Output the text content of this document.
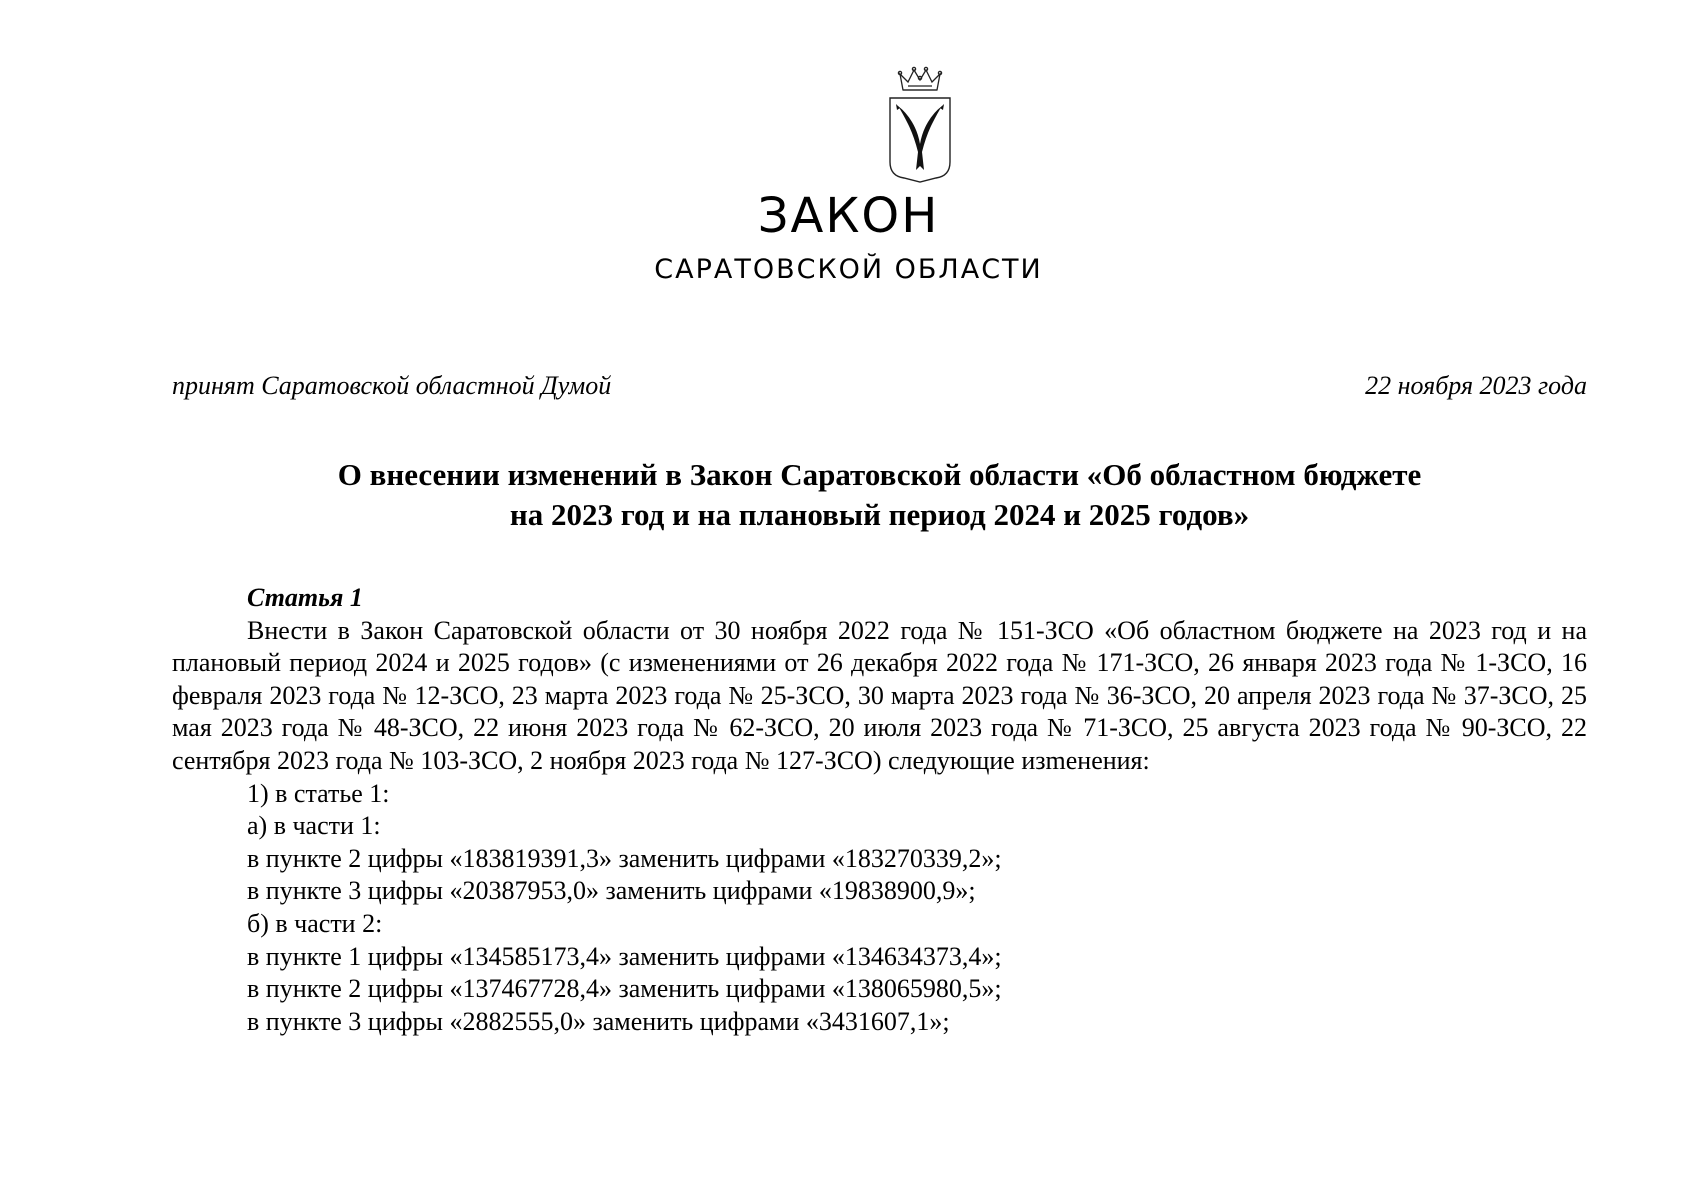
ЗАКОН
САРАТОВСКОЙ ОБЛАСТИ
принят Саратовской областной Думой	22 ноября 2023 года
О внесении изменений в Закон Саратовской области «Об областном бюджете
на 2023 год и на плановый период 2024 и 2025 годов»
Статья 1

Внести в Закон Саратовской области от 30 ноября 2022 года № 151-ЗСО «Об областном бюджете на 2023 год и на плановый период 2024 и 2025 годов» (с изменениями от 26 декабря 2022 года № 171-ЗСО, 26 января 2023 года № 1-ЗСО, 16 февраля 2023 года № 12-ЗСО, 23 марта 2023 года № 25-ЗСО, 30 марта 2023 года № 36-ЗСО, 20 апреля 2023 года № 37-ЗСО, 25 мая 2023 года № 48-ЗСО, 22 июня 2023 года № 62-ЗСО, 20 июля 2023 года № 71-ЗСО, 25 августа 2023 года № 90-ЗСО, 22 сентября 2023 года № 103-ЗСО, 2 ноября 2023 года № 127-ЗСО) следующие изmенения:

1) в статье 1:
а) в части 1:
в пункте 2 цифры «183819391,3» заменить цифрами «183270339,2»;
в пункте 3 цифры «20387953,0» заменить цифрами «19838900,9»;
б) в части 2:
в пункте 1 цифры «134585173,4» заменить цифрами «134634373,4»;
в пункте 2 цифры «137467728,4» заменить цифрами «138065980,5»;
в пункте 3 цифры «2882555,0» заменить цифрами «3431607,1»;
